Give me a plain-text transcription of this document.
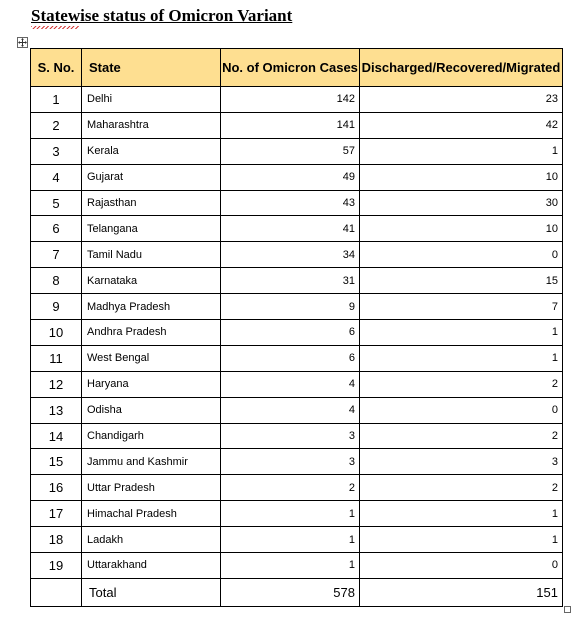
Statewise status of Omicron Variant
S. No.	State	No. of Omicron Cases	Discharged/Recovered/Migrated
1	Delhi	142	23
2	Maharashtra	141	42
3	Kerala	57	1
4	Gujarat	49	10
5	Rajasthan	43	30
6	Telangana	41	10
7	Tamil Nadu	34	0
8	Karnataka	31	15
9	Madhya Pradesh	9	7
10	Andhra Pradesh	6	1
11	West Bengal	6	1
12	Haryana	4	2
13	Odisha	4	0
14	Chandigarh	3	2
15	Jammu and Kashmir	3	3
16	Uttar Pradesh	2	2
17	Himachal Pradesh	1	1
18	Ladakh	1	1
19	Uttarakhand	1	0
	Total	578	151
